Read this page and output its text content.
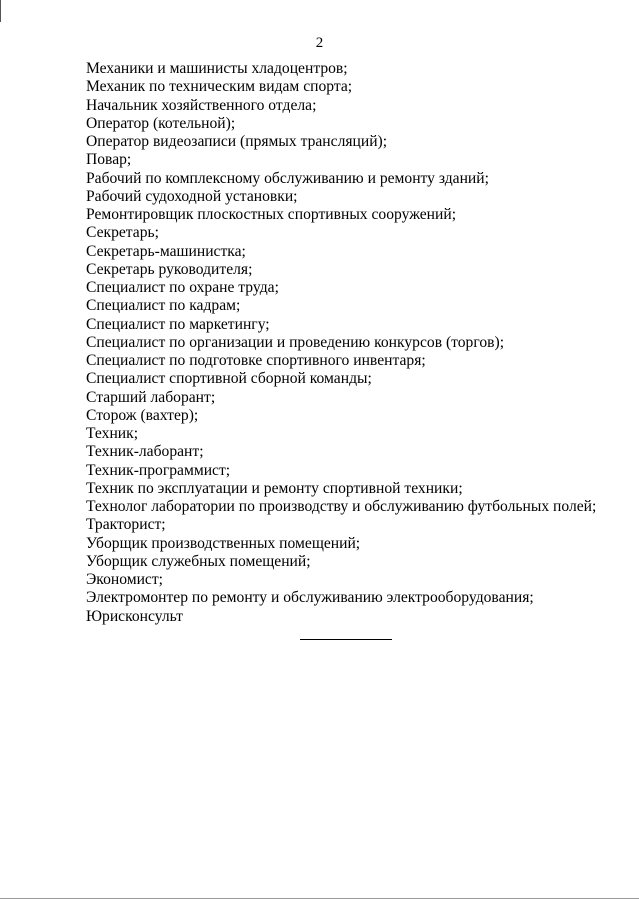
2
Механики и машинисты хладоцентров;
Механик по техническим видам спорта;
Начальник хозяйственного отдела;
Оператор (котельной);
Оператор видеозаписи (прямых трансляций);
Повар;
Рабочий по комплексному обслуживанию и ремонту зданий;
Рабочий судоходной установки;
Ремонтировщик плоскостных спортивных сооружений;
Секретарь;
Секретарь-машинистка;
Секретарь руководителя;
Специалист по охране труда;
Специалист по кадрам;
Специалист по маркетингу;
Специалист по организации и проведению конкурсов (торгов);
Специалист по подготовке спортивного инвентаря;
Специалист спортивной сборной команды;
Старший лаборант;
Сторож (вахтер);
Техник;
Техник-лаборант;
Техник-программист;
Техник по эксплуатации и ремонту спортивной техники;
Технолог лаборатории по производству и обслуживанию футбольных полей;
Тракторист;
Уборщик производственных помещений;
Уборщик служебных помещений;
Экономист;
Электромонтер по ремонту и обслуживанию электрооборудования;
Юрисконсульт
